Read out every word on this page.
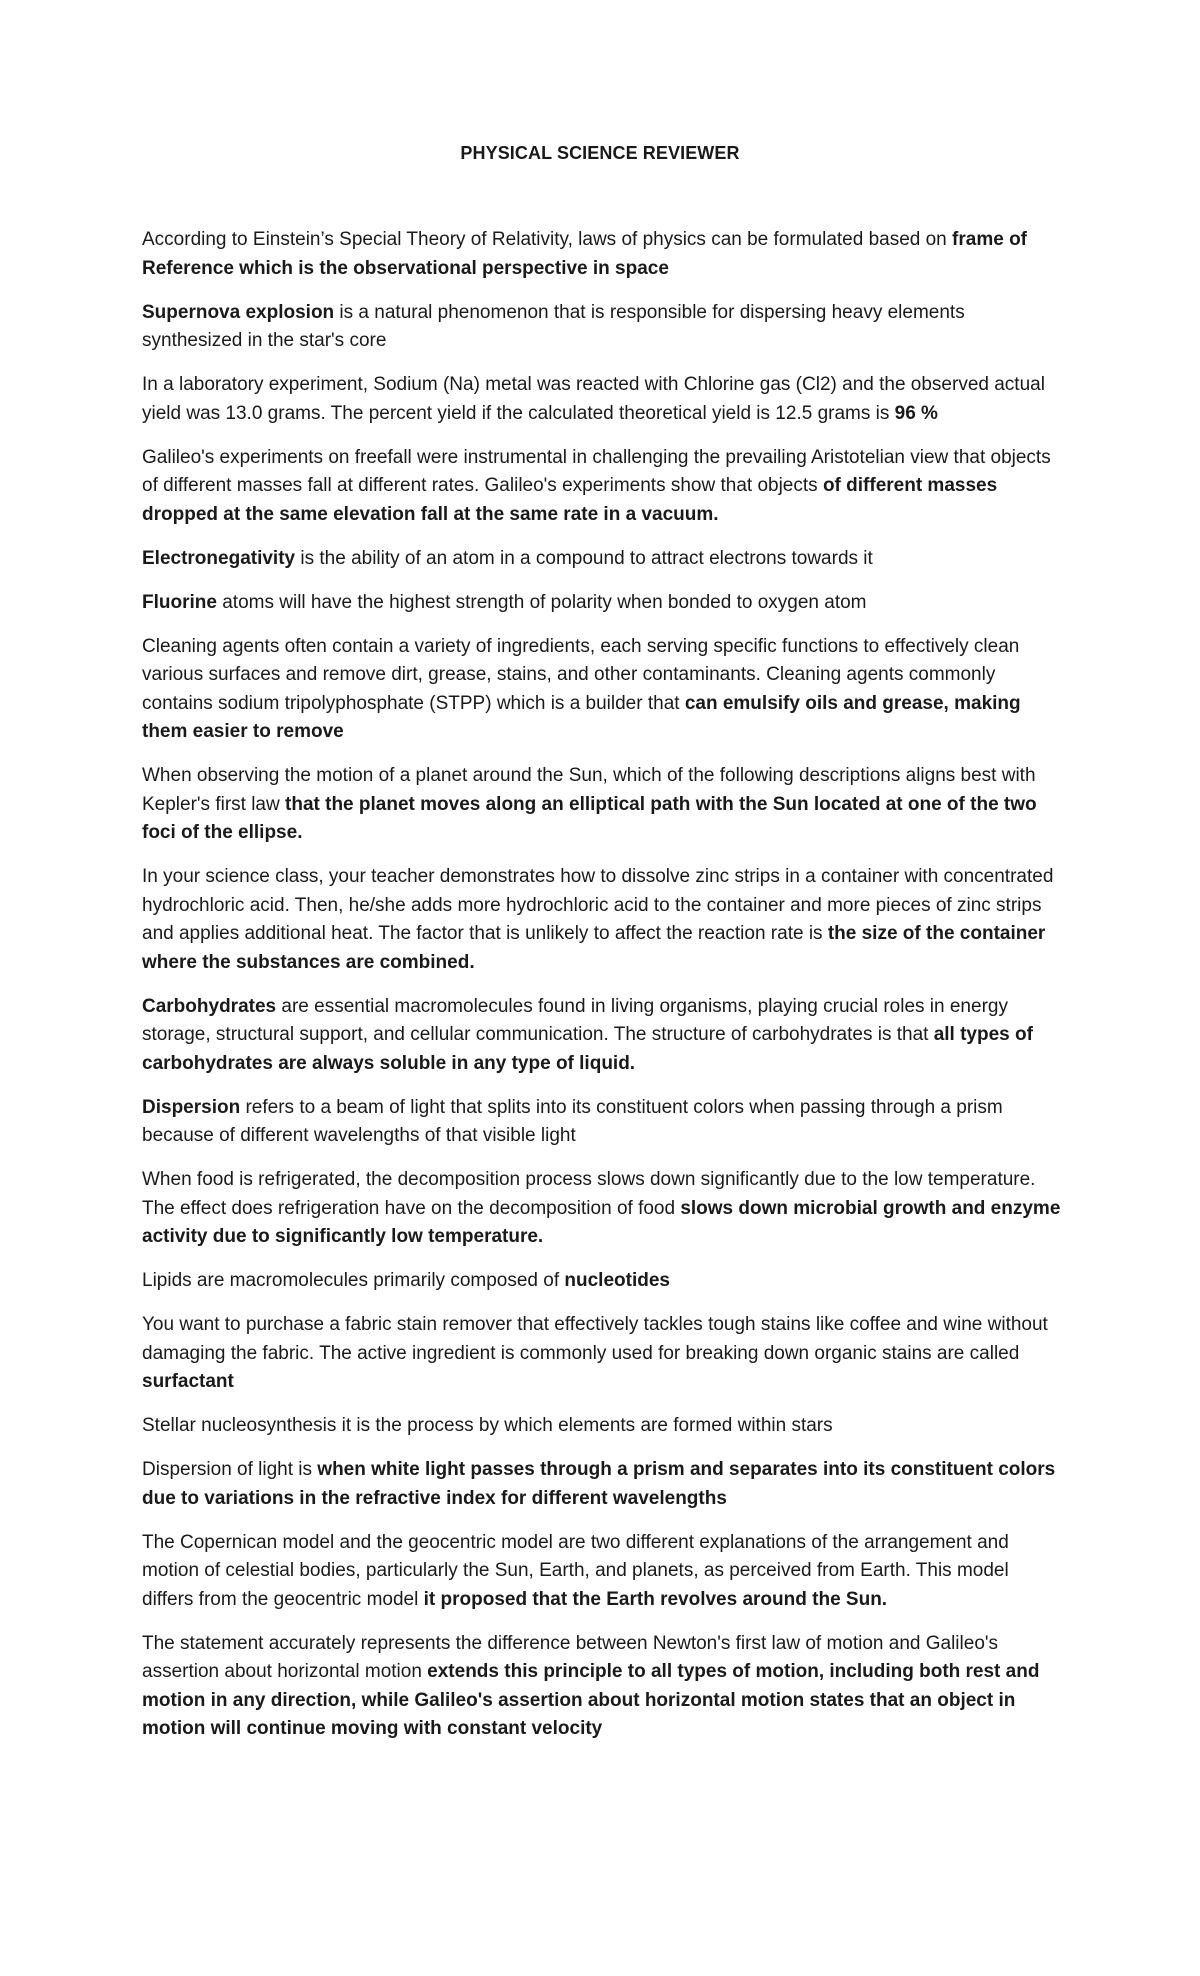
PHYSICAL SCIENCE REVIEWER

According to Einstein’s Special Theory of Relativity, laws of physics can be formulated based on frame of Reference which is the observational perspective in space

Supernova explosion is a natural phenomenon that is responsible for dispersing heavy elements synthesized in the star's core

In a laboratory experiment, Sodium (Na) metal was reacted with Chlorine gas (Cl2) and the observed actual yield was 13.0 grams. The percent yield if the calculated theoretical yield is 12.5 grams is 96 %

Galileo's experiments on freefall were instrumental in challenging the prevailing Aristotelian view that objects of different masses fall at different rates. Galileo's experiments show that objects of different masses dropped at the same elevation fall at the same rate in a vacuum.

Electronegativity is the ability of an atom in a compound to attract electrons towards it

Fluorine atoms will have the highest strength of polarity when bonded to oxygen atom

Cleaning agents often contain a variety of ingredients, each serving specific functions to effectively clean various surfaces and remove dirt, grease, stains, and other contaminants. Cleaning agents commonly contains sodium tripolyphosphate (STPP) which is a builder that can emulsify oils and grease, making them easier to remove

When observing the motion of a planet around the Sun, which of the following descriptions aligns best with Kepler's first law that the planet moves along an elliptical path with the Sun located at one of the two foci of the ellipse.

In your science class, your teacher demonstrates how to dissolve zinc strips in a container with concentrated hydrochloric acid. Then, he/she adds more hydrochloric acid to the container and more pieces of zinc strips and applies additional heat. The factor that is unlikely to affect the reaction rate is the size of the container where the substances are combined.

Carbohydrates are essential macromolecules found in living organisms, playing crucial roles in energy storage, structural support, and cellular communication. The structure of carbohydrates is that all types of carbohydrates are always soluble in any type of liquid.

Dispersion refers to a beam of light that splits into its constituent colors when passing through a prism because of different wavelengths of that visible light

When food is refrigerated, the decomposition process slows down significantly due to the low temperature. The effect does refrigeration have on the decomposition of food slows down microbial growth and enzyme activity due to significantly low temperature.

Lipids are macromolecules primarily composed of nucleotides

You want to purchase a fabric stain remover that effectively tackles tough stains like coffee and wine without damaging the fabric. The active ingredient is commonly used for breaking down organic stains are called surfactant

Stellar nucleosynthesis it is the process by which elements are formed within stars

Dispersion of light is when white light passes through a prism and separates into its constituent colors due to variations in the refractive index for different wavelengths

The Copernican model and the geocentric model are two different explanations of the arrangement and motion of celestial bodies, particularly the Sun, Earth, and planets, as perceived from Earth. This model differs from the geocentric model it proposed that the Earth revolves around the Sun.

The statement accurately represents the difference between Newton's first law of motion and Galileo's assertion about horizontal motion extends this principle to all types of motion, including both rest and motion in any direction, while Galileo's assertion about horizontal motion states that an object in motion will continue moving with constant velocity
